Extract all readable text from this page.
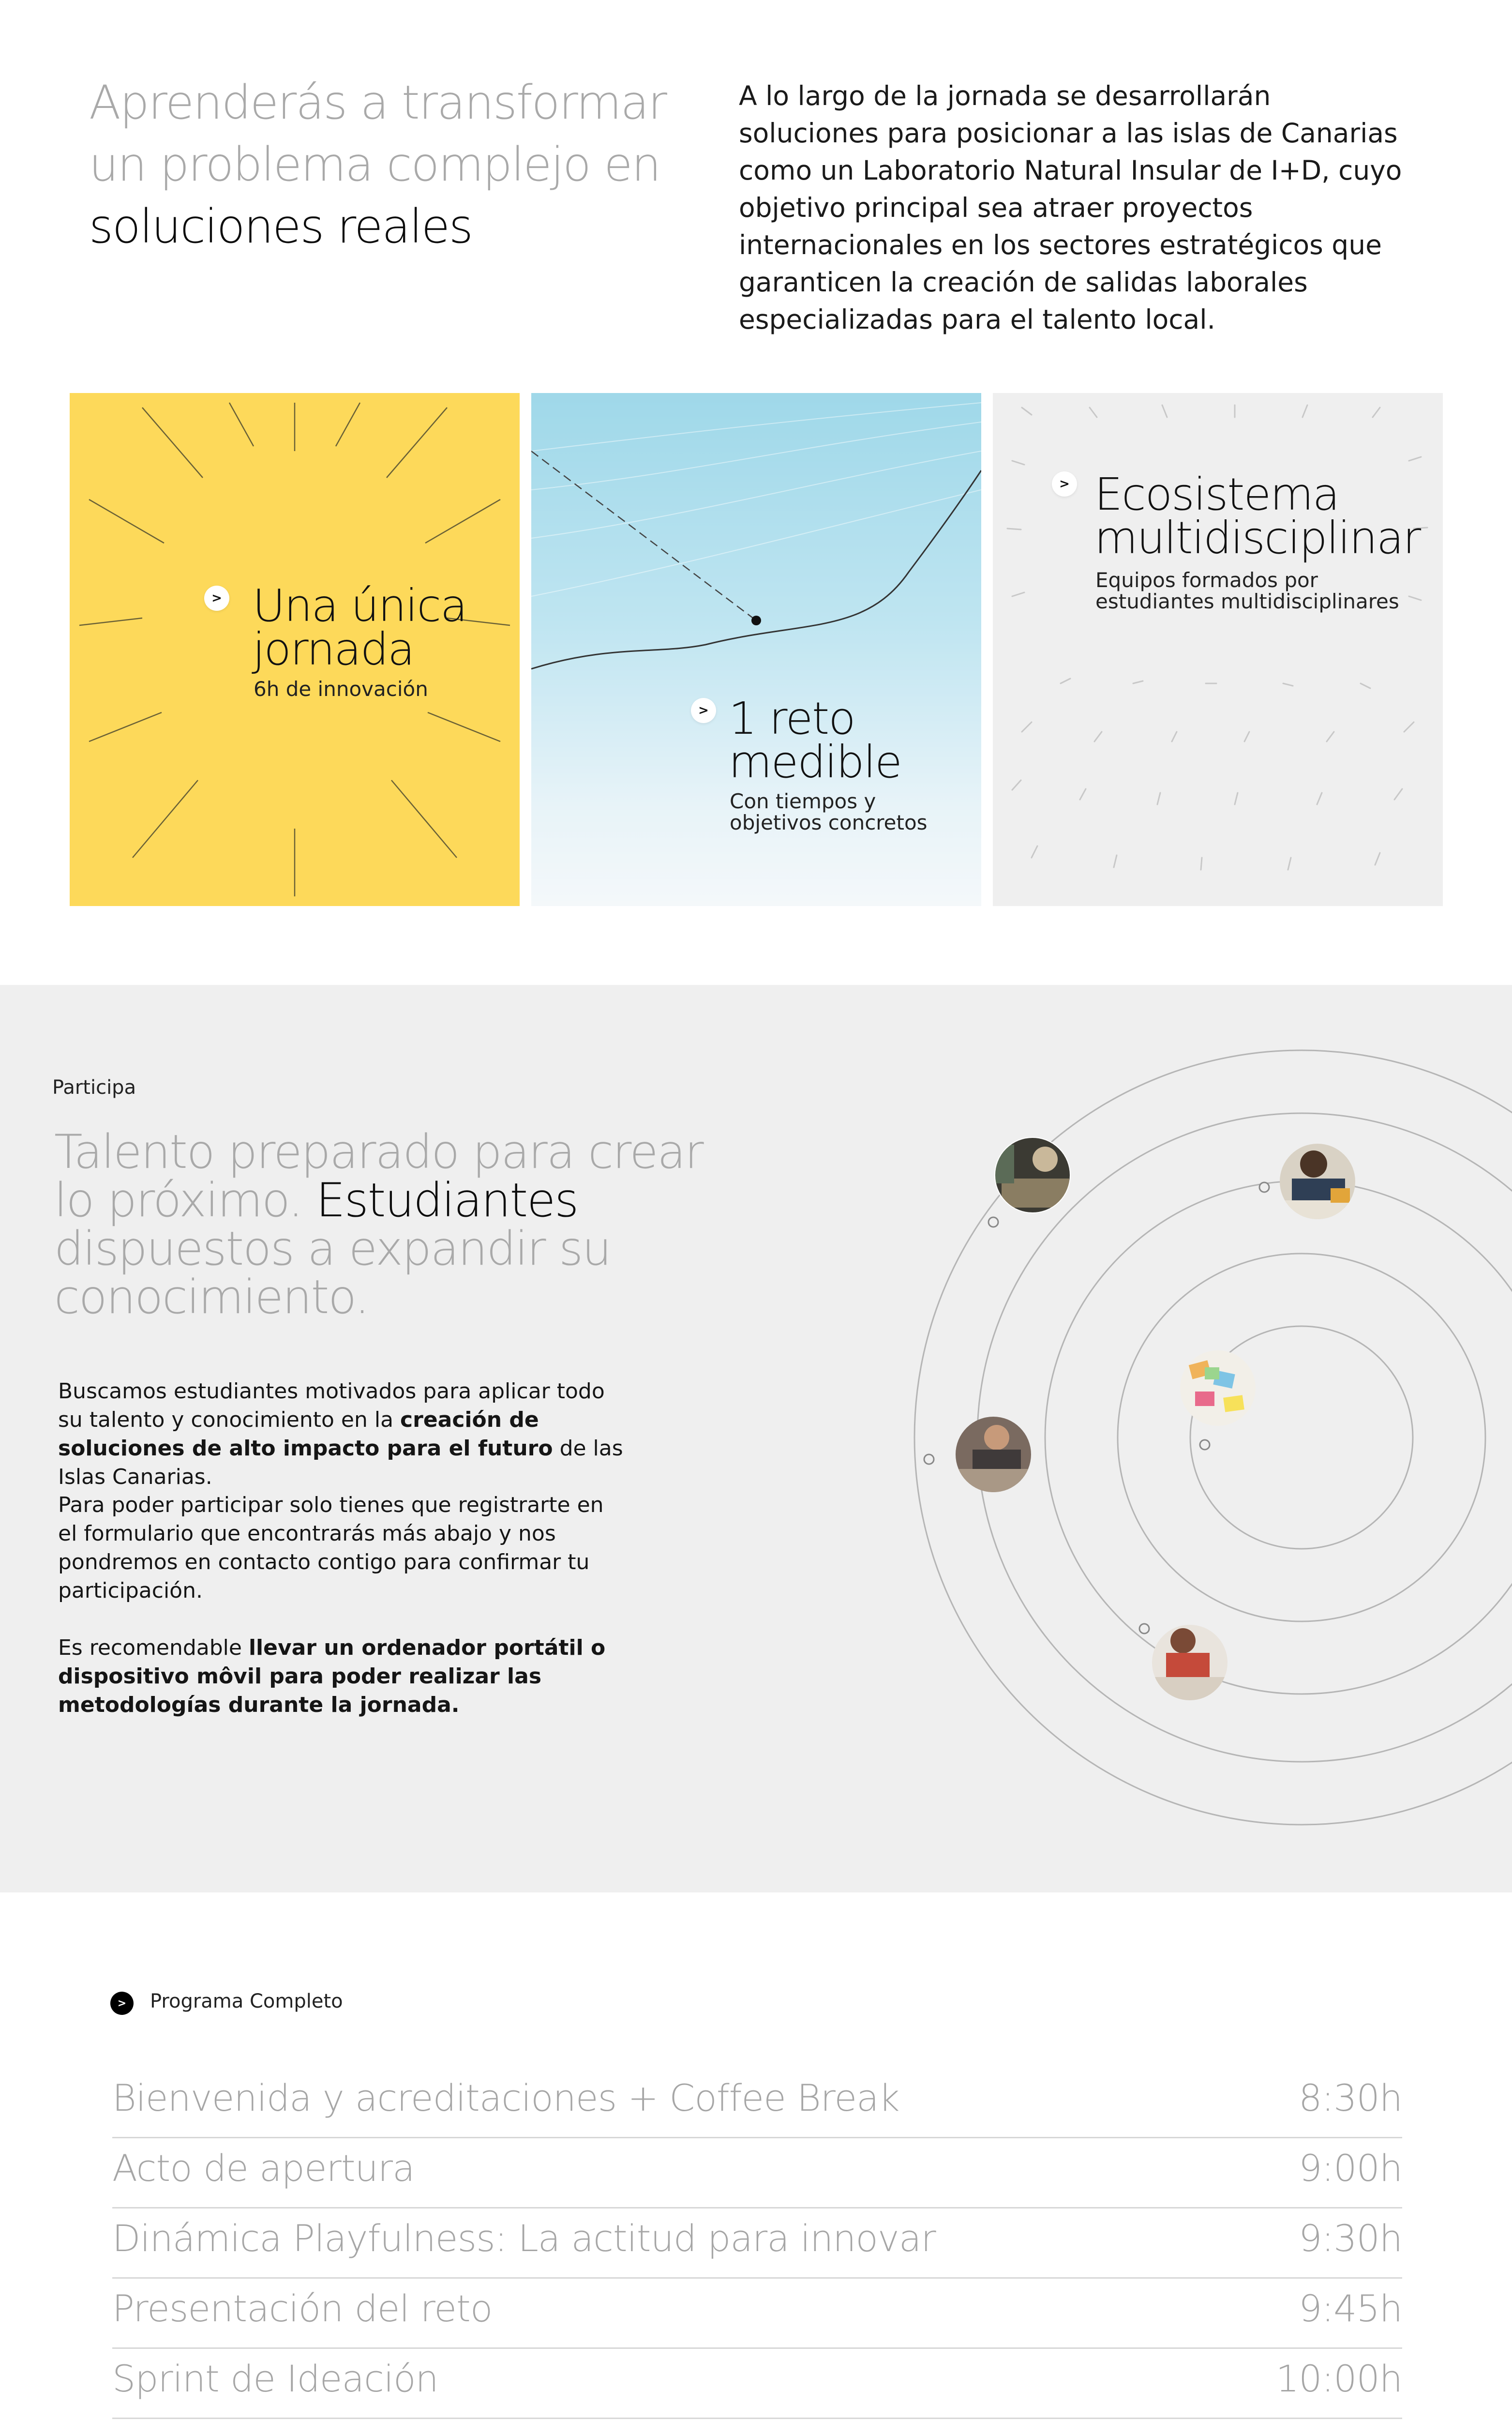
Aprenderás a transformar un problema complejo en
soluciones reales

A lo largo de la jornada se desarrollarán soluciones para posicionar a las islas de Canarias como un Laboratorio Natural Insular de I+D, cuyo objetivo principal sea atraer proyectos internacionales en los sectores estratégicos que garanticen la creación de salidas laborales especializadas para el talento local.

> Una única jornada
6h de innovación
> 1 reto medible
Con tiempos y objetivos concretos
> Ecosistema multidisciplinar
Equipos formados por estudiantes multidisciplinares
Participa
Talento preparado para crear lo próximo. Estudiantes dispuestos a expandir su conocimiento.

Buscamos estudiantes motivados para aplicar todo su talento y conocimiento en la creación de soluciones de alto impacto para el futuro de las Islas Canarias.

Para poder participar solo tienes que registrarte en el formulario que encontrarás más abajo y nos pondremos en contacto contigo para confirmar tu participación.

Es recomendable llevar un ordenador portátil o dispositivo môvil para poder realizar las metodologías durante la jornada.

>	Programa Completo
Bienvenida y acreditaciones + Coffee Break	8:30h
Acto de apertura	9:00h
Dinámica Playfulness: La actitud para innovar	9:30h
Presentación del reto	9:45h
Sprint de Ideación	10:00h
